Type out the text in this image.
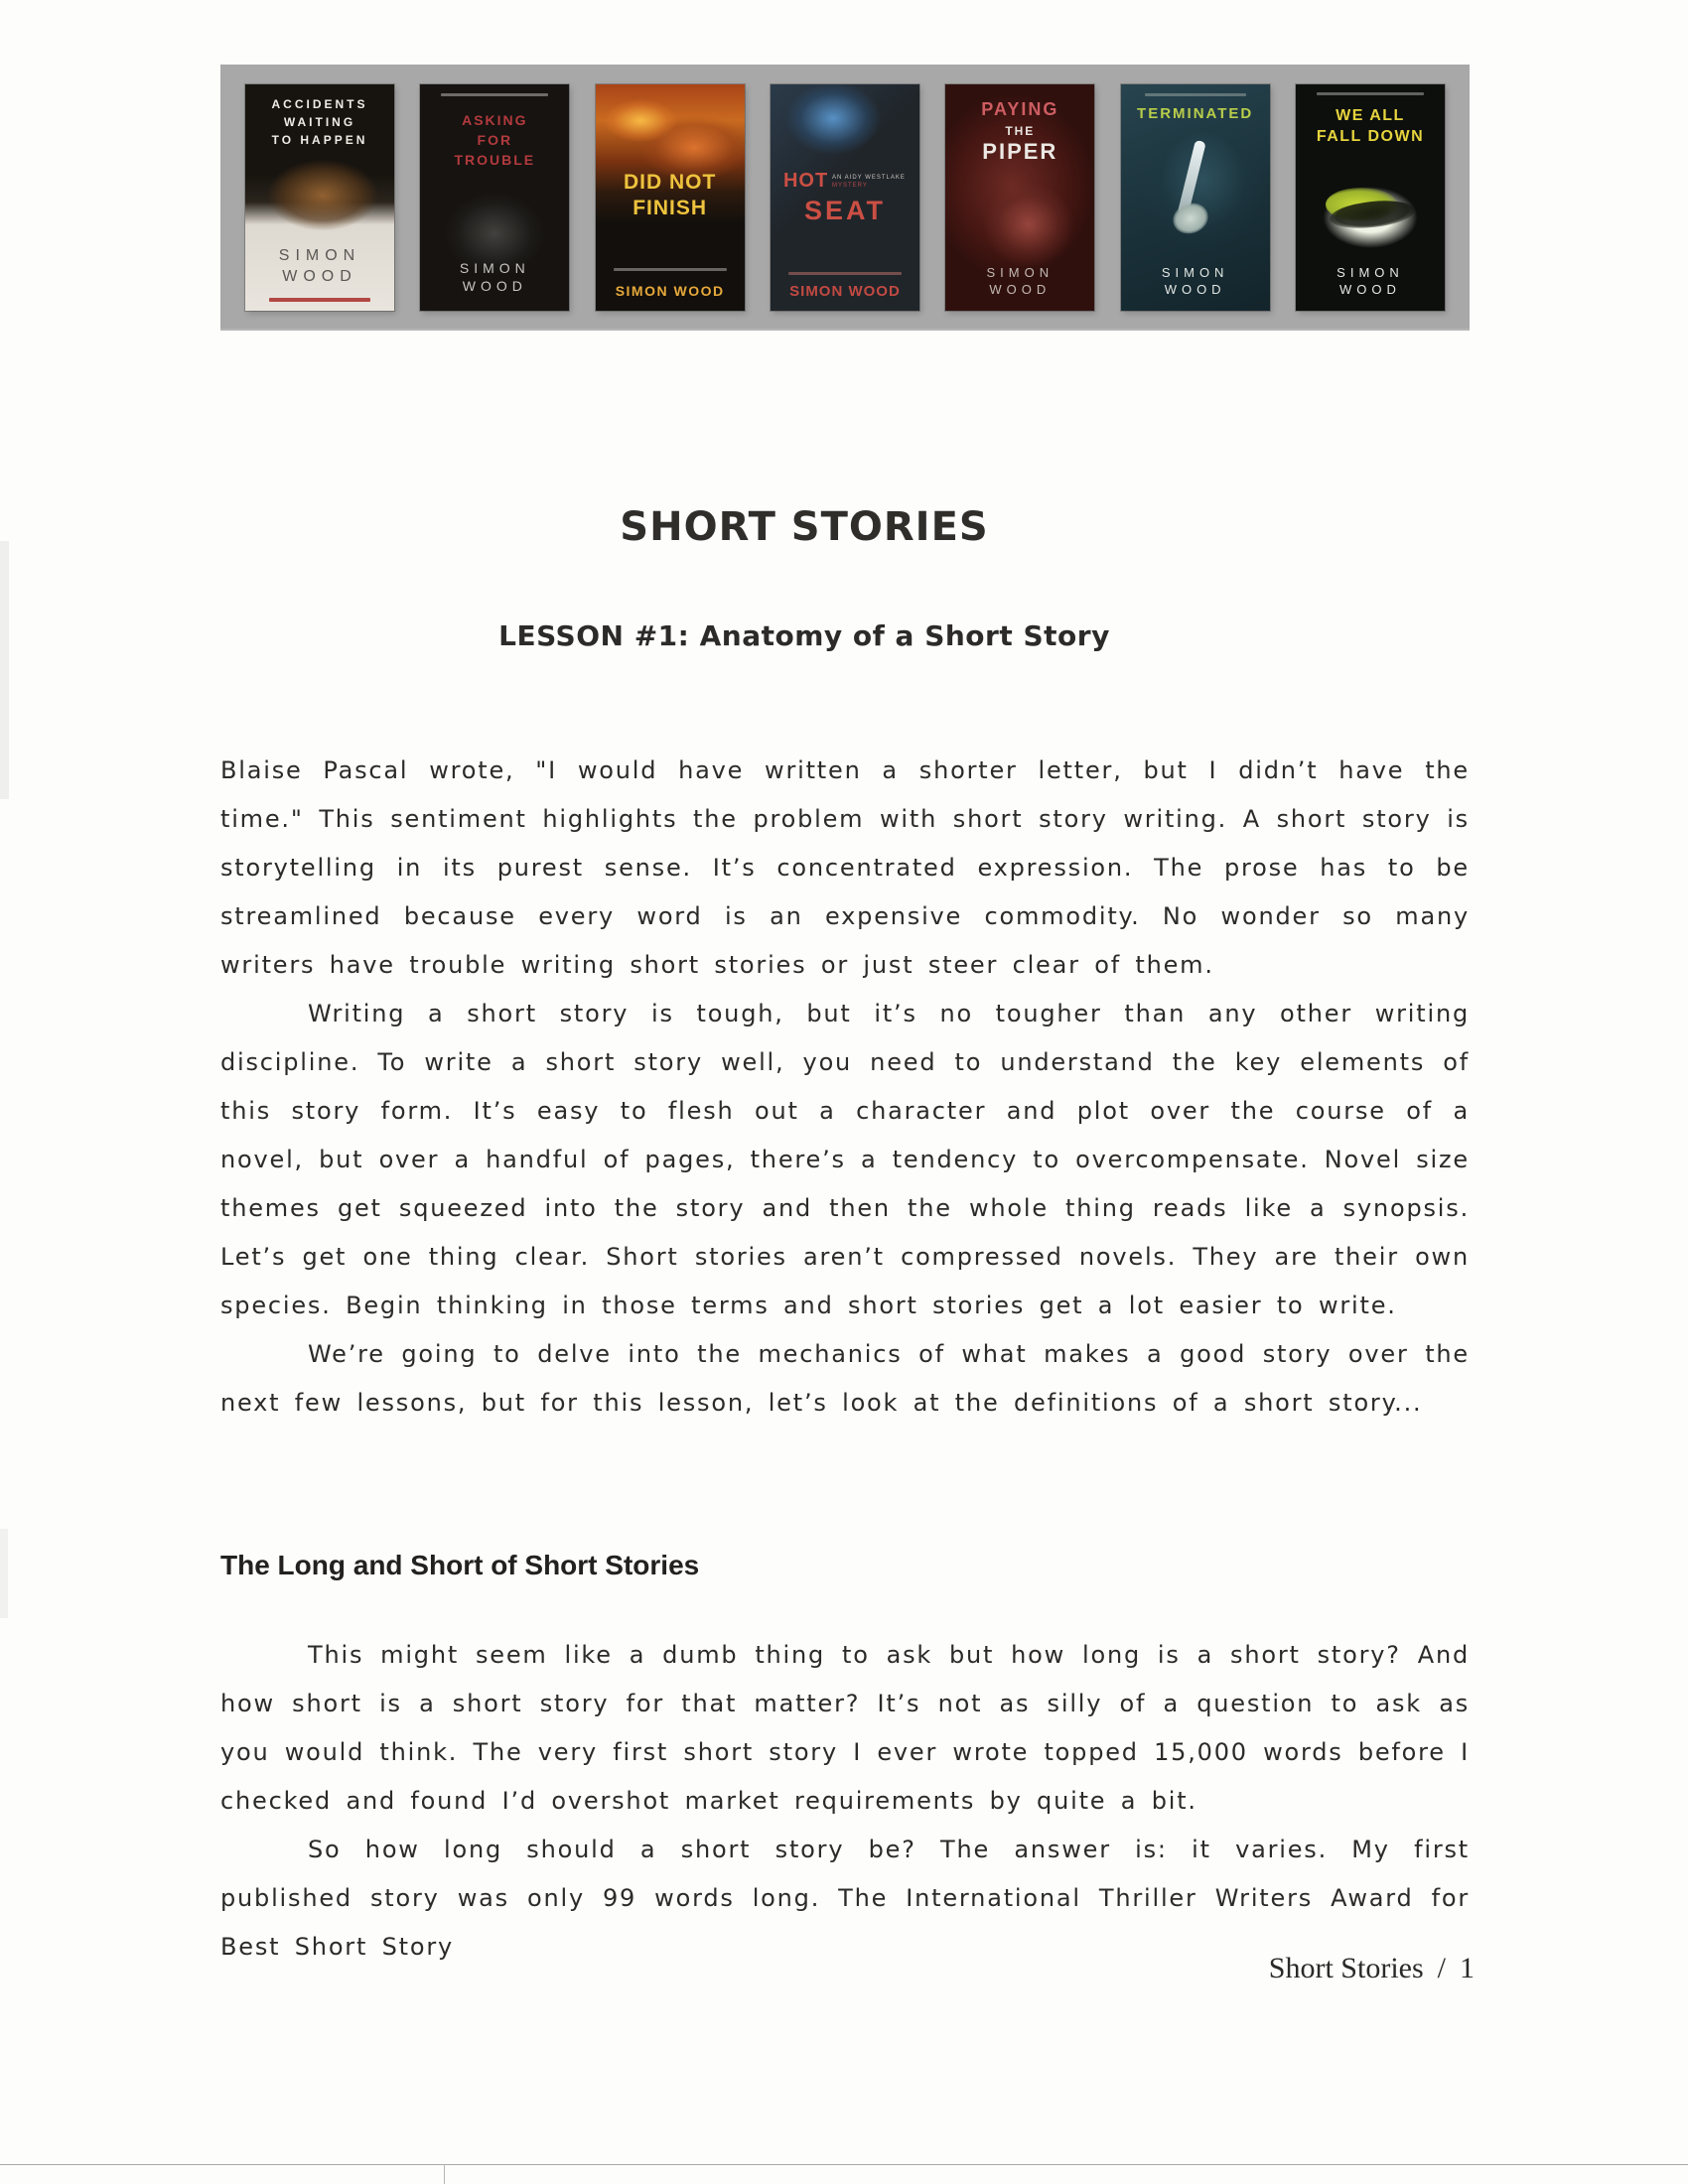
ACCIDENTS
WAITING
TO HAPPEN
SIMON
WOOD
ASKING
FOR
TROUBLE
SIMON
WOOD
DID NOT
FINISH
SIMON WOOD
HOT AN AIDY WESTLAKE
MYSTERY
SEAT
SIMON WOOD
PAYING
THE
PIPER
SIMON
WOOD
TERMINATED
SIMON
WOOD
WE ALL
FALL DOWN
SIMON
WOOD
SHORT STORIES
LESSON #1: Anatomy of a Short Story

Blaise Pascal wrote, "I would have written a shorter letter, but I didn’t have the time." This sentiment highlights the problem with short story writing. A short story is storytelling in its purest sense. It’s concentrated expression. The prose has to be streamlined because every word is an expensive commodity. No wonder so many writers have trouble writing short stories or just steer clear of them.

Writing a short story is tough, but it’s no tougher than any other writing discipline. To write a short story well, you need to understand the key elements of this story form. It’s easy to flesh out a character and plot over the course of a novel, but over a handful of pages, there’s a tendency to overcompensate. Novel size themes get squeezed into the story and then the whole thing reads like a synopsis. Let’s get one thing clear. Short stories aren’t compressed novels. They are their own species. Begin thinking in those terms and short stories get a lot easier to write.

We’re going to delve into the mechanics of what makes a good story over the next few lessons, but for this lesson, let’s look at the definitions of a short story...

The Long and Short of Short Stories

This might seem like a dumb thing to ask but how long is a short story? And how short is a short story for that matter? It’s not as silly of a question to ask as you would think. The very first short story I ever wrote topped 15,000 words before I checked and found I’d overshot market requirements by quite a bit.

So how long should a short story be? The answer is: it varies. My first published story was only 99 words long. The International Thriller Writers Award for Best Short Story

Short Stories / 1
